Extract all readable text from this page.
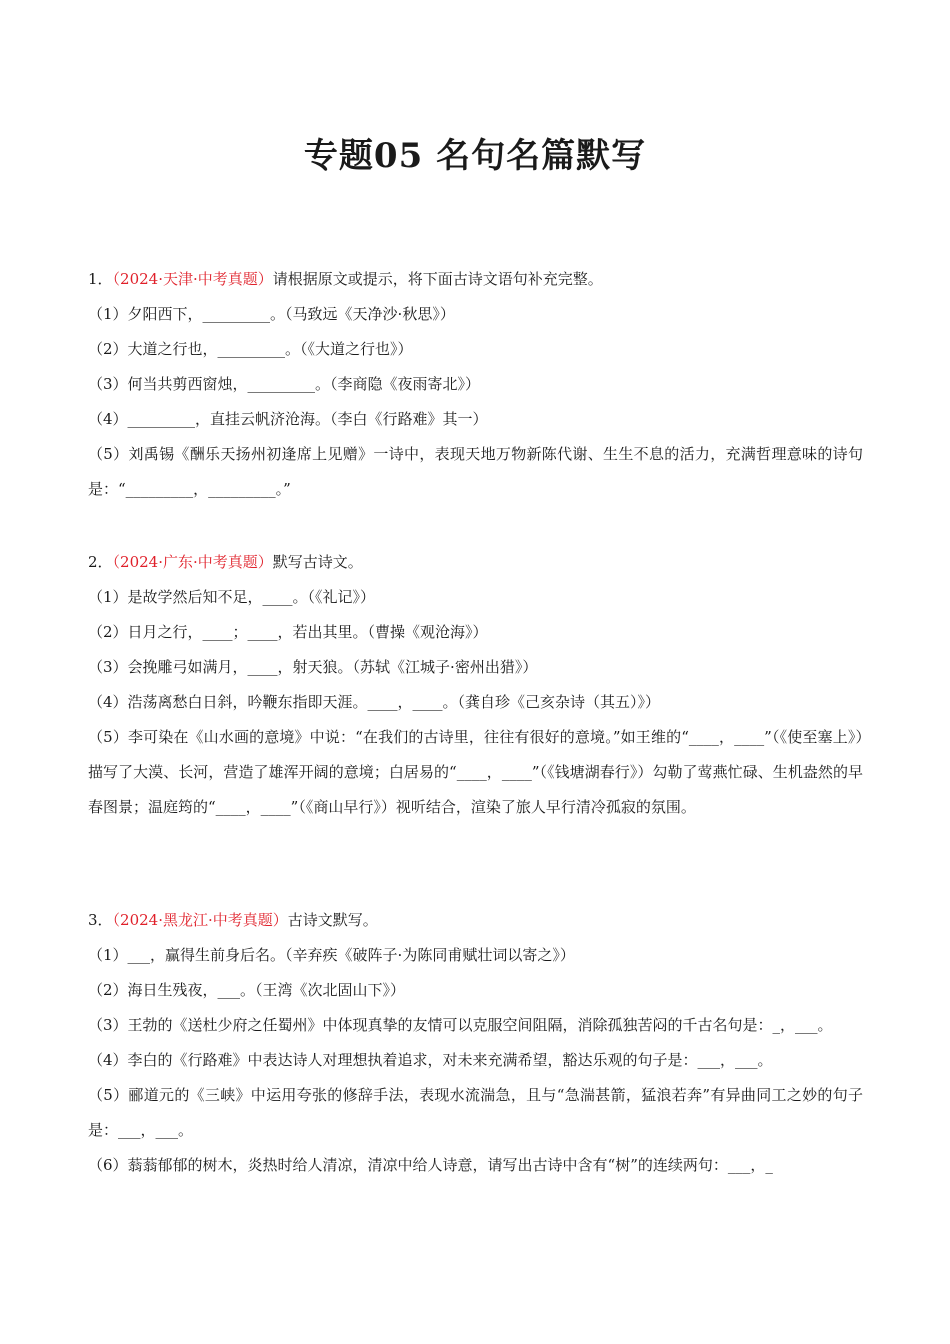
专题05 名句名篇默写
1．（2024·天津·中考真题）请根据原文或提示，将下面古诗文语句补充完整。
（1）夕阳西下，_________。（马致远《天净沙·秋思》）
（2）大道之行也，_________。（《大道之行也》）
（3）何当共剪西窗烛，_________。（李商隐《夜雨寄北》）
（4）_________，直挂云帆济沧海。（李白《行路难》其一）
（5）刘禹锡《酬乐天扬州初逢席上见赠》一诗中，表现天地万物新陈代谢、生生不息的活力，充满哲理意味的诗句是：“_________，_________。”
2．（2024·广东·中考真题）默写古诗文。
（1）是故学然后知不足，____。（《礼记》）
（2）日月之行，____；____，若出其里。（曹操《观沧海》）
（3）会挽雕弓如满月，____，射天狼。（苏轼《江城子·密州出猎》）
（4）浩荡离愁白日斜，吟鞭东指即天涯。____，____。（龚自珍《己亥杂诗（其五）》）
（5）李可染在《山水画的意境》中说：“在我们的古诗里，往往有很好的意境。”如王维的“____，____”（《使至塞上》）描写了大漠、长河，营造了雄浑开阔的意境；白居易的“____，____”（《钱塘湖春行》）勾勒了莺燕忙碌、生机盎然的早春图景；温庭筠的“____，____”（《商山早行》）视听结合，渲染了旅人早行清冷孤寂的氛围。
3．（2024·黑龙江·中考真题）古诗文默写。
（1）___，赢得生前身后名。（辛弃疾《破阵子·为陈同甫赋壮词以寄之》）
（2）海日生残夜，___。（王湾《次北固山下》）
（3）王勃的《送杜少府之任蜀州》中体现真挚的友情可以克服空间阻隔，消除孤独苦闷的千古名句是：_，___。
（4）李白的《行路难》中表达诗人对理想执着追求，对未来充满希望，豁达乐观的句子是：___，___。
（5）郦道元的《三峡》中运用夸张的修辞手法，表现水流湍急，且与“急湍甚箭，猛浪若奔”有异曲同工之妙的句子是：___，___。
（6）蓊蓊郁郁的树木，炎热时给人清凉，清凉中给人诗意，请写出古诗中含有“树”的连续两句：___，_
